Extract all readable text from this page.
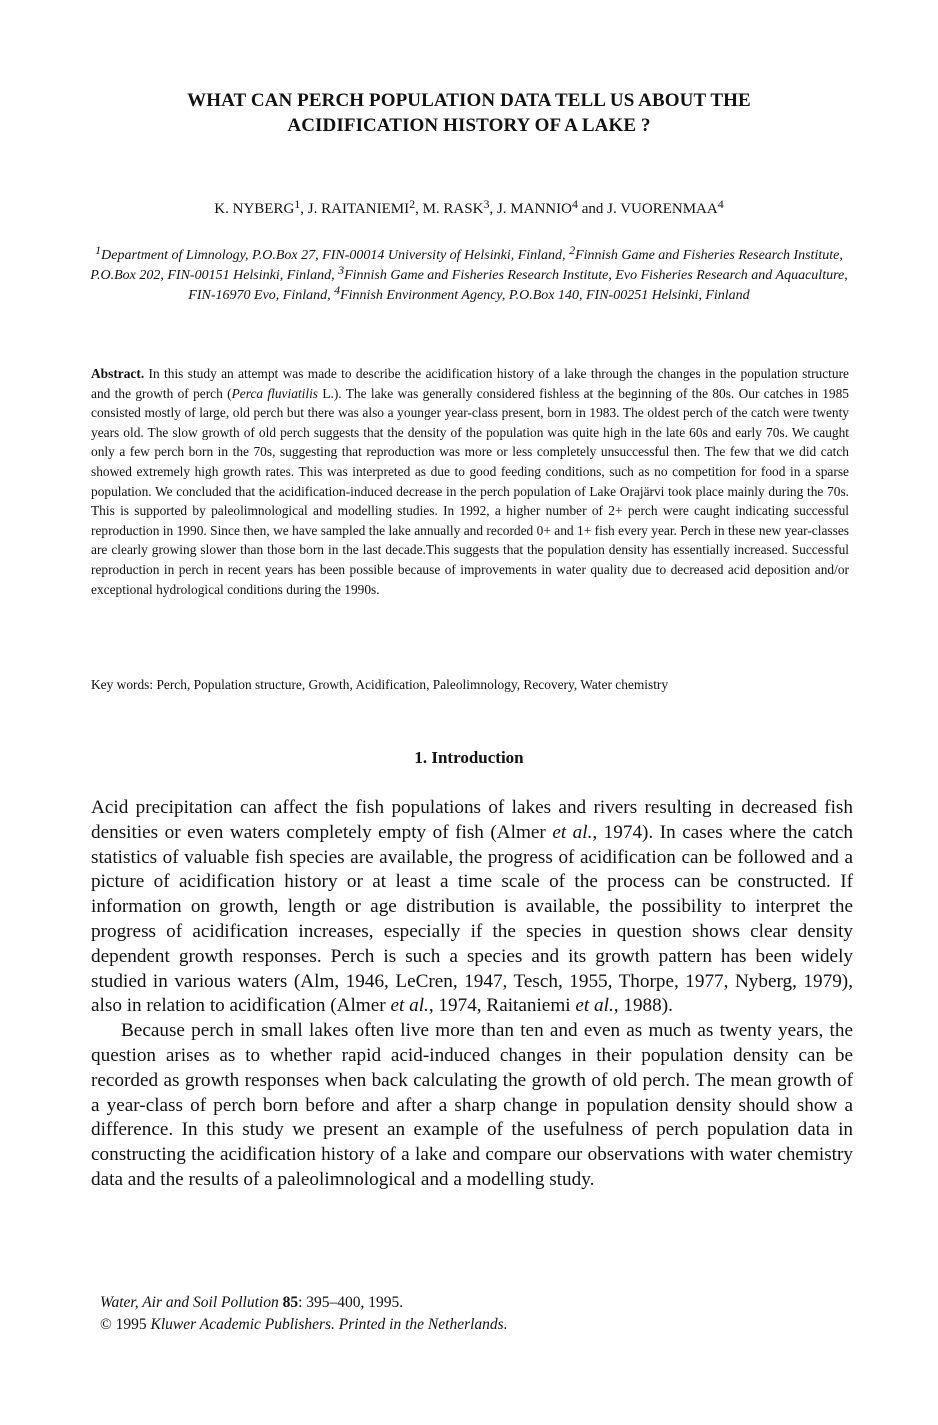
WHAT CAN PERCH POPULATION DATA TELL US ABOUT THE
ACIDIFICATION HISTORY OF A LAKE ?
K. NYBERG$^1$, J. RAITANIEMI$^2$, M. RASK$^3$, J. MANNIO$^4$ and J. VUORENMAA$^4$
$^1$Department of Limnology, P.O.Box 27, FIN-00014 University of Helsinki, Finland, $^2$Finnish Game and Fisheries Research Institute, P.O.Box 202, FIN-00151 Helsinki, Finland, $^3$Finnish Game and Fisheries Research Institute, Evo Fisheries Research and Aquaculture, FIN-16970 Evo, Finland, $^4$Finnish Environment Agency, P.O.Box 140, FIN-00251 Helsinki, Finland
Abstract. In this study an attempt was made to describe the acidification history of a lake through the changes in the population structure and the growth of perch (Perca fluviatilis L.). The lake was generally considered fishless at the beginning of the 80s. Our catches in 1985 consisted mostly of large, old perch but there was also a younger year-class present, born in 1983. The oldest perch of the catch were twenty years old. The slow growth of old perch suggests that the density of the population was quite high in the late 60s and early 70s. We caught only a few perch born in the 70s, suggesting that reproduction was more or less completely unsuccessful then. The few that we did catch showed extremely high growth rates. This was interpreted as due to good feeding conditions, such as no competition for food in a sparse population. We concluded that the acidification-induced decrease in the perch population of Lake Orajärvi took place mainly during the 70s. This is supported by paleolimnological and modelling studies. In 1992, a higher number of 2+ perch were caught indicating successful reproduction in 1990. Since then, we have sampled the lake annually and recorded 0+ and 1+ fish every year. Perch in these new year-classes are clearly growing slower than those born in the last decade.This suggests that the population density has essentially increased. Successful reproduction in perch in recent years has been possible because of improvements in water quality due to decreased acid deposition and/or exceptional hydrological conditions during the 1990s.
Key words: Perch, Population structure, Growth, Acidification, Paleolimnology, Recovery, Water chemistry
1. Introduction

Acid precipitation can affect the fish populations of lakes and rivers resulting in decreased fish densities or even waters completely empty of fish (Almer et al., 1974). In cases where the catch statistics of valuable fish species are available, the progress of acidification can be followed and a picture of acidification history or at least a time scale of the process can be constructed. If information on growth, length or age distribution is available, the possibility to interpret the progress of acidification increases, especially if the species in question shows clear density dependent growth responses. Perch is such a species and its growth pattern has been widely studied in various waters (Alm, 1946, LeCren, 1947, Tesch, 1955, Thorpe, 1977, Nyberg, 1979), also in relation to acidification (Almer et al., 1974, Raitaniemi et al., 1988).

Because perch in small lakes often live more than ten and even as much as twenty years, the question arises as to whether rapid acid-induced changes in their population density can be recorded as growth responses when back calculating the growth of old perch. The mean growth of a year-class of perch born before and after a sharp change in population density should show a difference. In this study we present an example of the usefulness of perch population data in constructing the acidification history of a lake and compare our observations with water chemistry data and the results of a paleolimnological and a modelling study.

Water, Air and Soil Pollution 85: 395–400, 1995.
© 1995 Kluwer Academic Publishers. Printed in the Netherlands.
